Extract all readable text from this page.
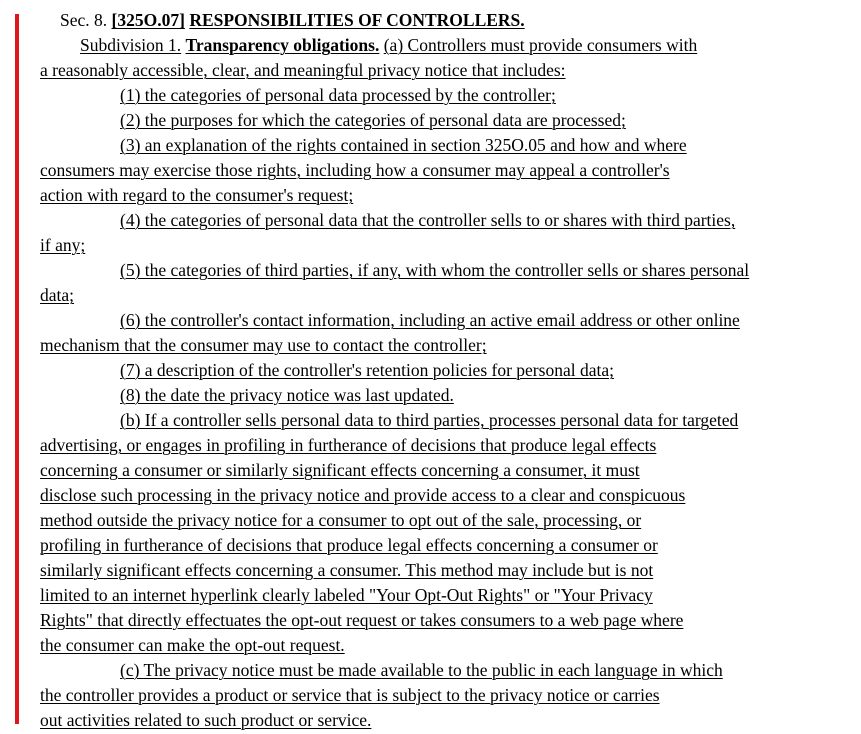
Sec. 8. [325O.07] RESPONSIBILITIES OF CONTROLLERS.
Subdivision 1. Transparency obligations. (a) Controllers must provide consumers with
a reasonably accessible, clear, and meaningful privacy notice that includes:
(1) the categories of personal data processed by the controller;
(2) the purposes for which the categories of personal data are processed;
(3) an explanation of the rights contained in section 325O.05 and how and where
consumers may exercise those rights, including how a consumer may appeal a controller's
action with regard to the consumer's request;
(4) the categories of personal data that the controller sells to or shares with third parties,
if any;
(5) the categories of third parties, if any, with whom the controller sells or shares personal
data;
(6) the controller's contact information, including an active email address or other online
mechanism that the consumer may use to contact the controller;
(7) a description of the controller's retention policies for personal data;
(8) the date the privacy notice was last updated.
(b) If a controller sells personal data to third parties, processes personal data for targeted
advertising, or engages in profiling in furtherance of decisions that produce legal effects
concerning a consumer or similarly significant effects concerning a consumer, it must
disclose such processing in the privacy notice and provide access to a clear and conspicuous
method outside the privacy notice for a consumer to opt out of the sale, processing, or
profiling in furtherance of decisions that produce legal effects concerning a consumer or
similarly significant effects concerning a consumer. This method may include but is not
limited to an internet hyperlink clearly labeled "Your Opt-Out Rights" or "Your Privacy
Rights" that directly effectuates the opt-out request or takes consumers to a web page where
the consumer can make the opt-out request.
(c) The privacy notice must be made available to the public in each language in which
the controller provides a product or service that is subject to the privacy notice or carries
out activities related to such product or service.
